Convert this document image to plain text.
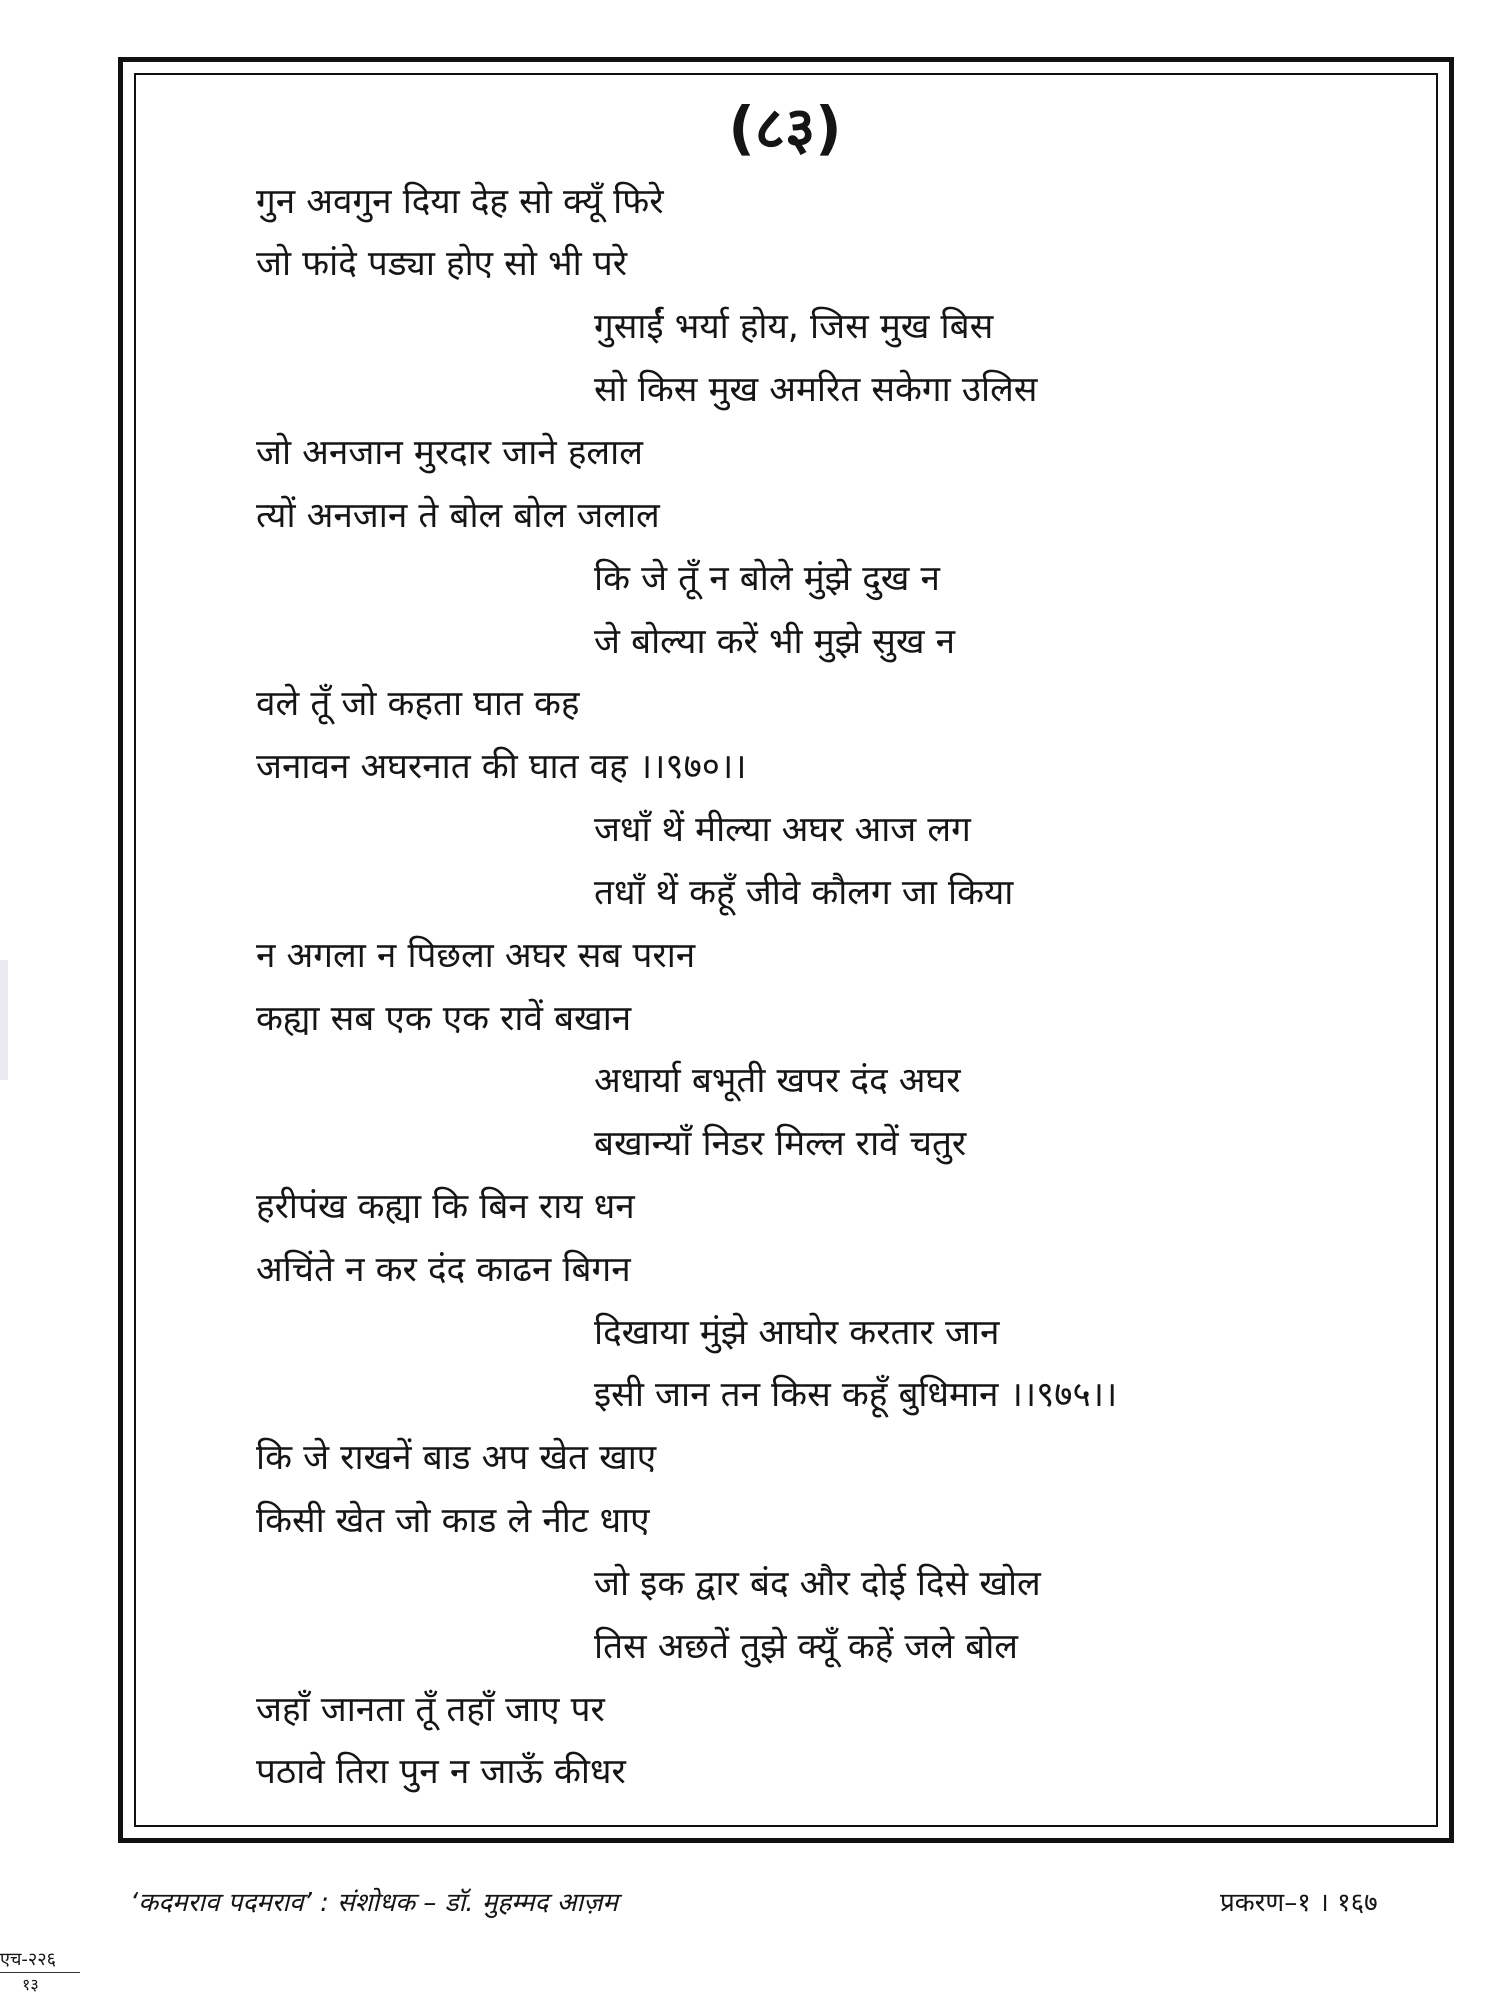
(८३)
गुन अवगुन दिया देह सो क्यूँ फिरे
जो फांदे पड्या होए सो भी परे
गुसाईं भर्या होय, जिस मुख बिस
सो किस मुख अमरित सकेगा उलिस
जो अनजान मुरदार जाने हलाल
त्यों अनजान ते बोल बोल जलाल
कि जे तूँ न बोले मुंझे दुख न
जे बोल्या करें भी मुझे सुख न
वले तूँ जो कहता घात कह
जनावन अघरनात की घात वह ।।९७०।।
जधाँ थें मील्या अघर आज लग
तधाँ थें कहूँ जीवे कौलग जा किया
न अगला न पिछला अघर सब परान
कह्या सब एक एक रावें बखान
अधार्या बभूती खपर दंद अघर
बखान्याँ निडर मिल्ल रावें चतुर
हरीपंख कह्या कि बिन राय धन
अचिंते न कर दंद काढन बिगन
दिखाया मुंझे आघोर करतार जान
इसी जान तन किस कहूँ बुधिमान ।।९७५।।
कि जे राखनें बाड अप खेत खाए
किसी खेत जो काड ले नीट धाए
जो इक द्वार बंद और दोई दिसे खोल
तिस अछतें तुझे क्यूँ कहें जले बोल
जहाँ जानता तूँ तहाँ जाए पर
पठावे तिरा पुन न जाऊँ कीधर
‘कदमराव पदमराव’ : संशोधक – डॉ. मुहम्मद आज़म	प्रकरण–१ । १६७
एच-२२६
१३
